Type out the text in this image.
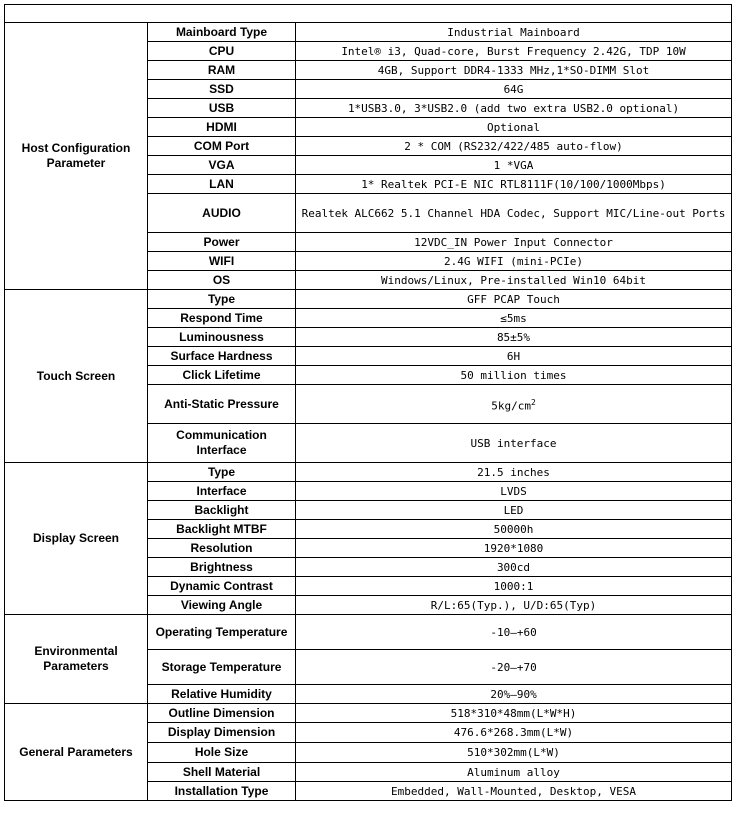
Host Configuration Parameter	Mainboard Type	Industrial Mainboard
	CPU	Intel® i3, Quad-core, Burst Frequency 2.42G, TDP 10W
	RAM	4GB, Support DDR4-1333 MHz,1*SO-DIMM Slot
	SSD	64G
	USB	1*USB3.0, 3*USB2.0 (add two extra USB2.0 optional)
	HDMI	Optional
	COM Port	2 * COM (RS232/422/485 auto-flow)
	VGA	1 *VGA
	LAN	1* Realtek PCI-E NIC RTL8111F(10/100/1000Mbps)
	AUDIO	Realtek ALC662 5.1 Channel HDA Codec, Support MIC/Line-out Ports
	Power	12VDC_IN Power Input Connector
	WIFI	2.4G WIFI (mini-PCIe)
	OS	Windows/Linux, Pre-installed Win10 64bit
Touch Screen	Type	GFF PCAP Touch
	Respond Time	≤5ms
	Luminousness	85±5%
	Surface Hardness	6H
	Click Lifetime	50 million times
	Anti-Static Pressure	$5kg/cm^2$
	Communication Interface	USB interface
Display Screen	Type	21.5 inches
	Interface	LVDS
	Backlight	LED
	Backlight MTBF	50000h
	Resolution	1920*1080
	Brightness	300cd
	Dynamic Contrast	1000:1
	Viewing Angle	R/L:65(Typ.), U/D:65(Typ)
Environmental Parameters	Operating Temperature	-10—+60
	Storage Temperature	-20—+70
	Relative Humidity	20%—90%
General Parameters	Outline Dimension	518*310*48mm(L*W*H)
	Display Dimension	476.6*268.3mm(L*W)
	Hole Size	510*302mm(L*W)
	Shell Material	Aluminum alloy
	Installation Type	Embedded, Wall-Mounted, Desktop, VESA
